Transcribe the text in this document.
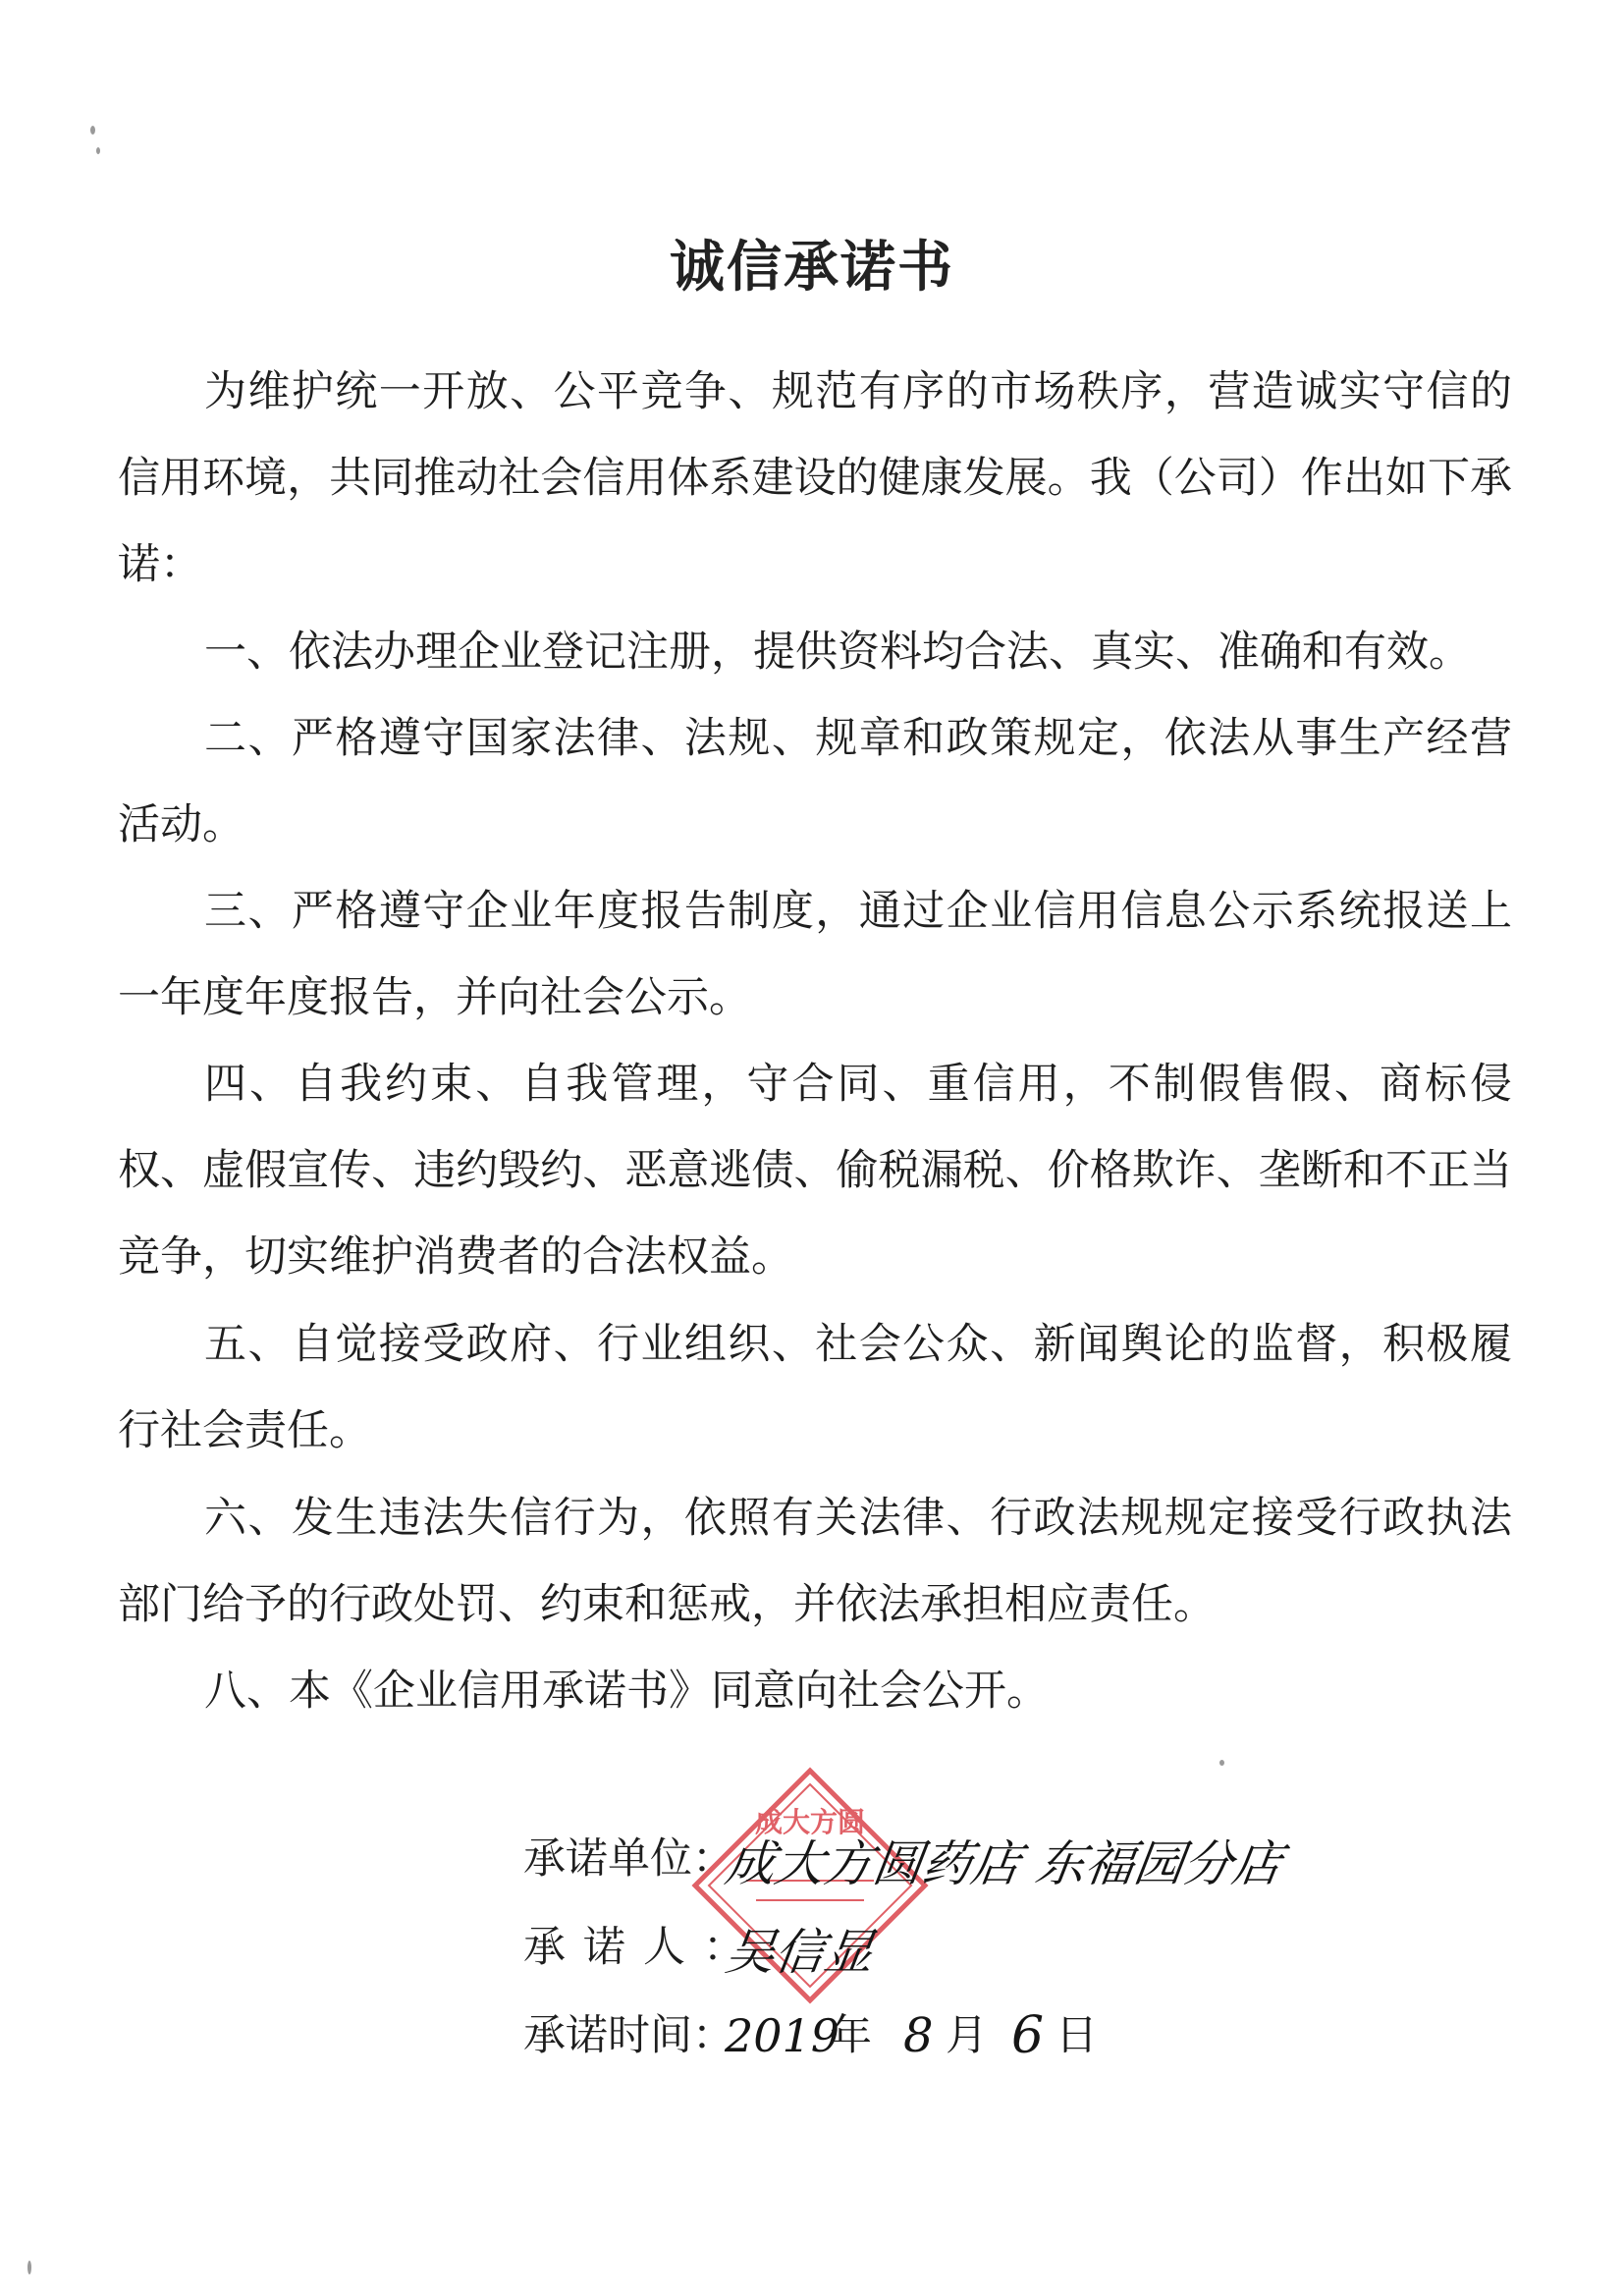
诚信承诺书

为维护统一开放、公平竞争、规范有序的市场秩序，营造诚实守信的信用环境，共同推动社会信用体系建设的健康发展。我（公司）作出如下承诺：

一、依法办理企业登记注册，提供资料均合法、真实、准确和有效。

二、严格遵守国家法律、法规、规章和政策规定，依法从事生产经营活动。

三、严格遵守企业年度报告制度，通过企业信用信息公示系统报送上一年度年度报告，并向社会公示。

四、自我约束、自我管理，守合同、重信用，不制假售假、商标侵权、虚假宣传、违约毁约、恶意逃债、偷税漏税、价格欺诈、垄断和不正当竞争，切实维护消费者的合法权益。

五、自觉接受政府、行业组织、社会公众、新闻舆论的监督，积极履行社会责任。

六、发生违法失信行为，依照有关法律、行政法规规定接受行政执法部门给予的行政处罚、约束和惩戒，并依法承担相应责任。

八、本《企业信用承诺书》同意向社会公开。

承诺单位：
承诺人：
承诺时间：
成大方圆
成大方圆药店 东福园分店
吴信显
2019
年 8 月 6 日
